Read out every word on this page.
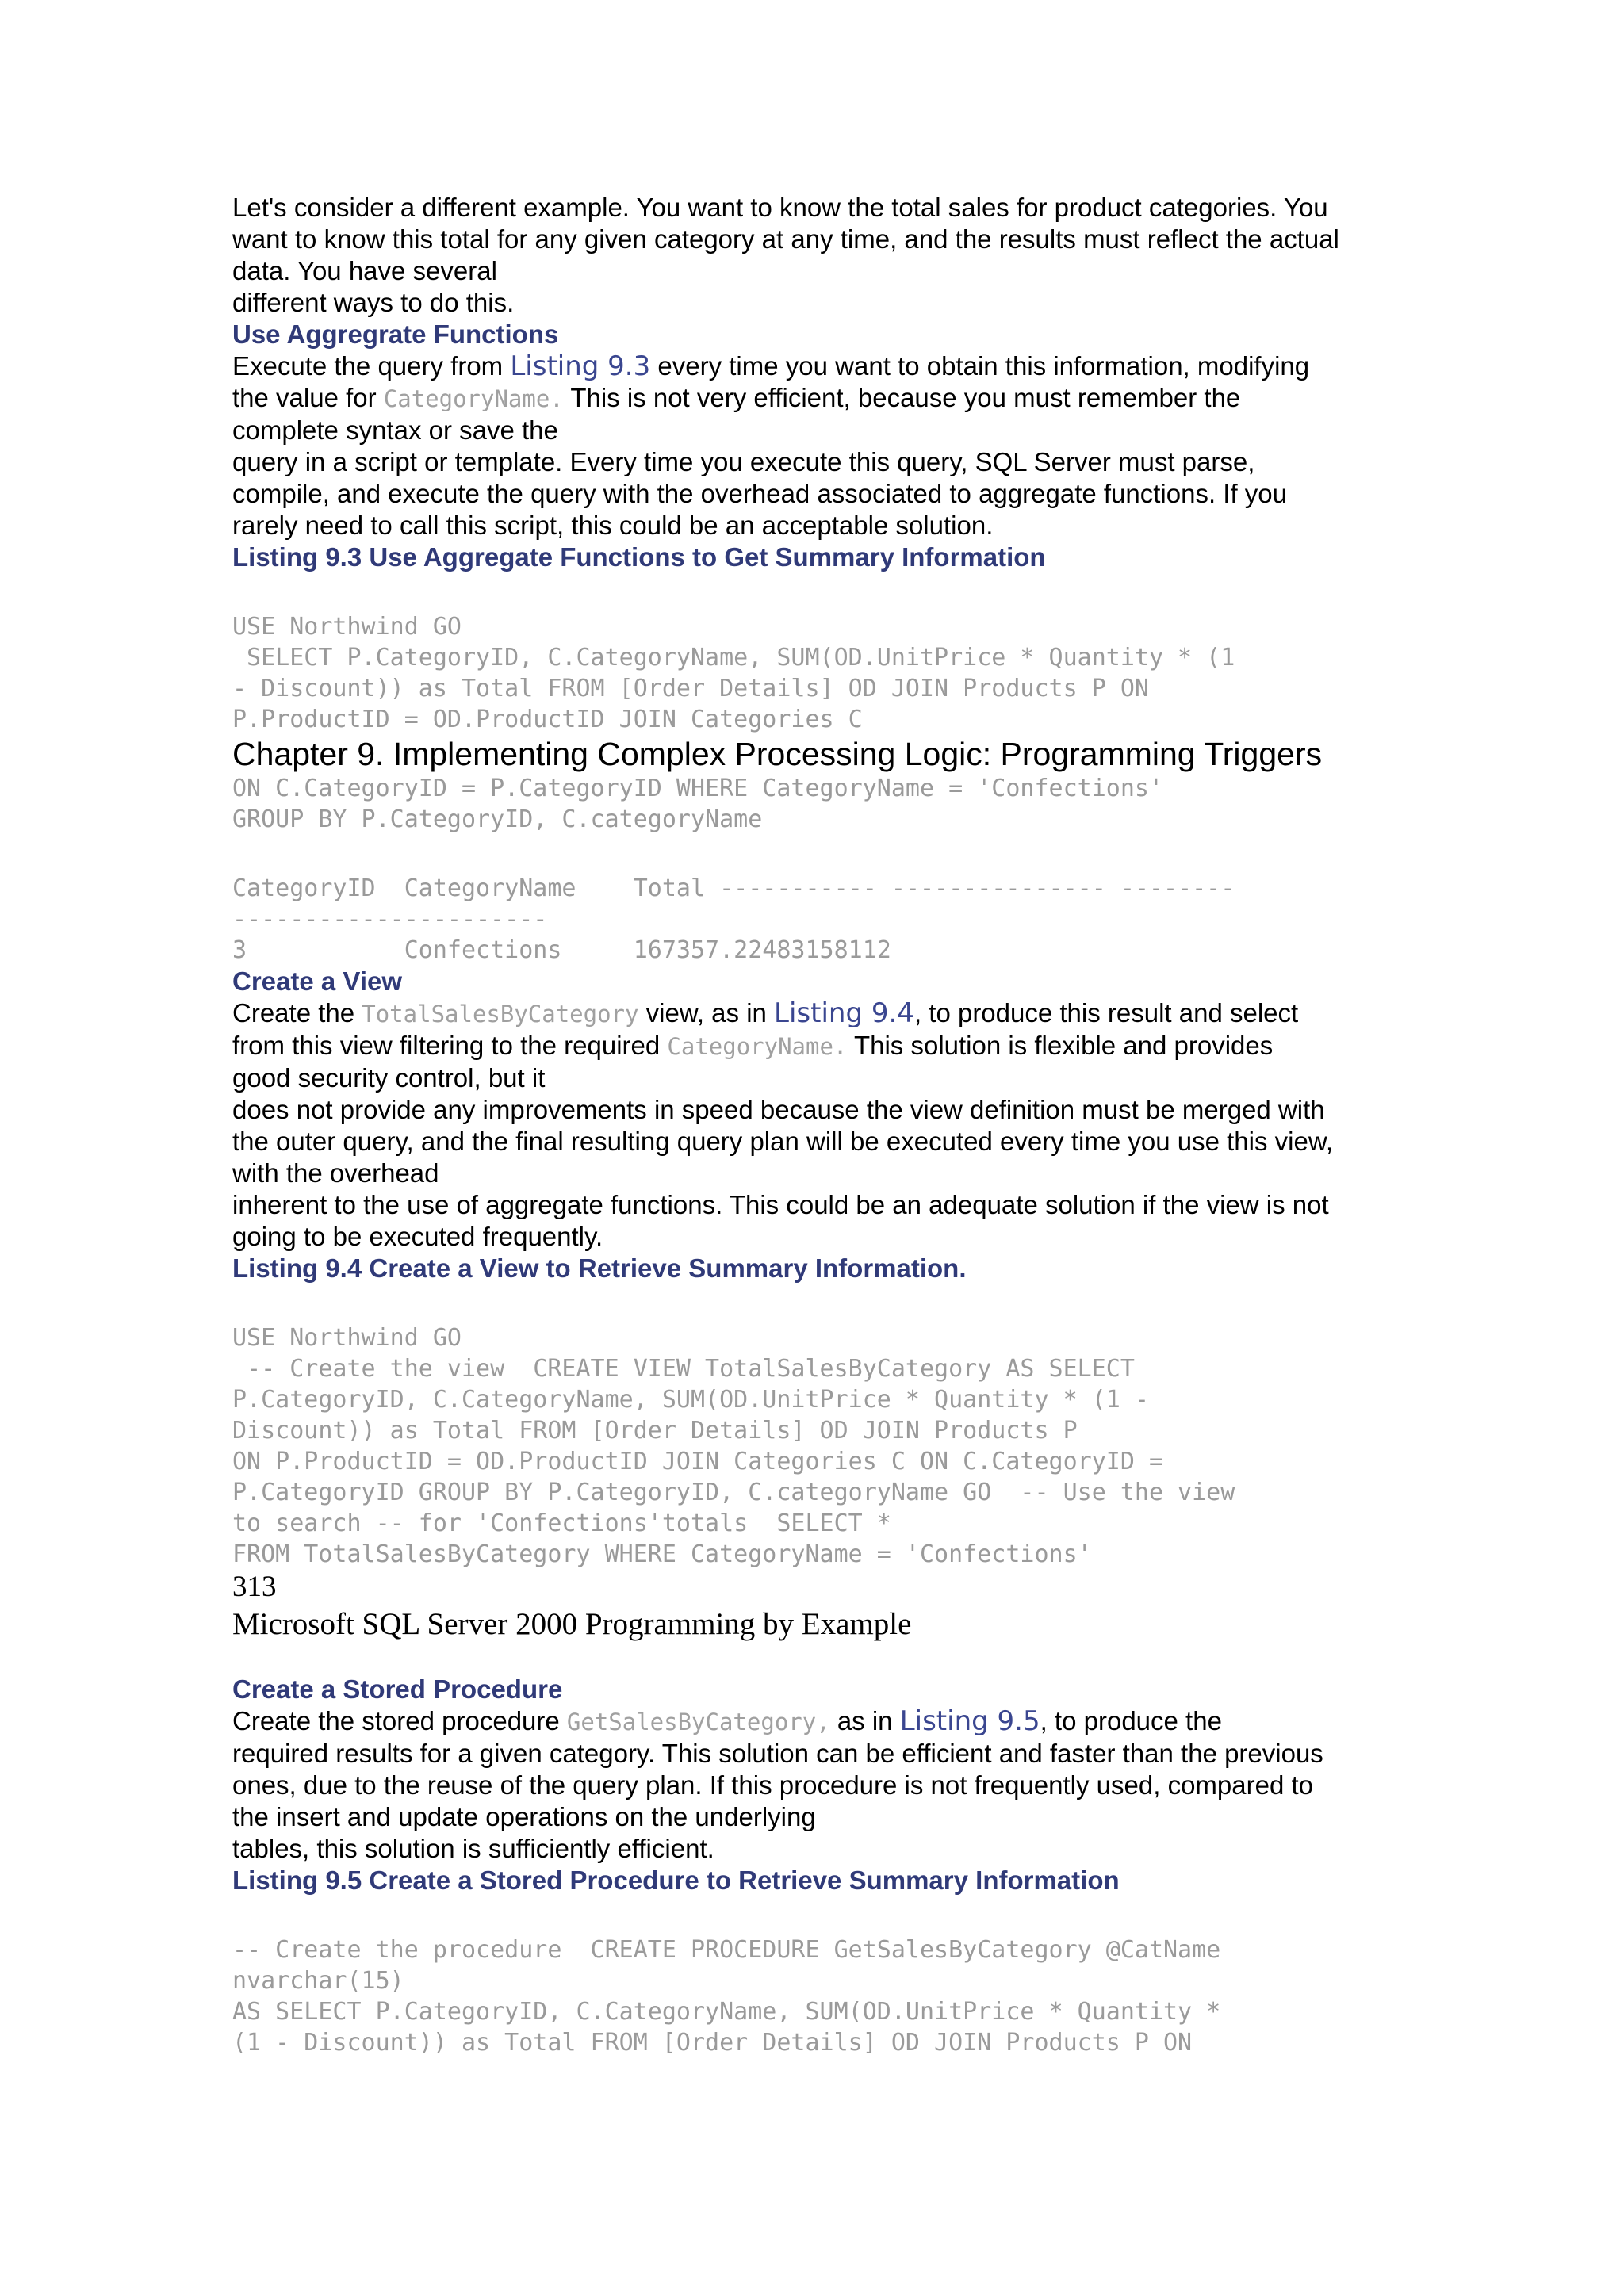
Let's consider a different example. You want to know the total sales for product categories. You

want to know this total for any given category at any time, and the results must reflect the actual

data. You have several

different ways to do this.

Use Aggregrate Functions

Execute the query from Listing 9.3 every time you want to obtain this information, modifying

the value for CategoryName. This is not very efficient, because you must remember the

complete syntax or save the

query in a script or template. Every time you execute this query, SQL Server must parse,

compile, and execute the query with the overhead associated to aggregate functions. If you

rarely need to call this script, this could be an acceptable solution.

Listing 9.3 Use Aggregate Functions to Get Summary Information

USE Northwind GO

SELECT P.CategoryID, C.CategoryName, SUM(OD.UnitPrice * Quantity * (1

- Discount)) as Total FROM [Order Details] OD JOIN Products P ON

P.ProductID = OD.ProductID JOIN Categories C

Chapter 9. Implementing Complex Processing Logic: Programming Triggers

ON C.CategoryID = P.CategoryID WHERE CategoryName = 'Confections'

GROUP BY P.CategoryID, C.categoryName

CategoryID  CategoryName    Total ----------- --------------- --------

----------------------

3           Confections     167357.22483158112

Create a View

Create the TotalSalesByCategory view, as in Listing 9.4, to produce this result and select

from this view filtering to the required CategoryName. This solution is flexible and provides

good security control, but it

does not provide any improvements in speed because the view definition must be merged with

the outer query, and the final resulting query plan will be executed every time you use this view,

with the overhead

inherent to the use of aggregate functions. This could be an adequate solution if the view is not

going to be executed frequently.

Listing 9.4 Create a View to Retrieve Summary Information.

USE Northwind GO

-- Create the view  CREATE VIEW TotalSalesByCategory AS SELECT

P.CategoryID, C.CategoryName, SUM(OD.UnitPrice * Quantity * (1 -

Discount)) as Total FROM [Order Details] OD JOIN Products P

ON P.ProductID = OD.ProductID JOIN Categories C ON C.CategoryID =

P.CategoryID GROUP BY P.CategoryID, C.categoryName GO  -- Use the view

to search -- for 'Confections'totals  SELECT *

FROM TotalSalesByCategory WHERE CategoryName = 'Confections'

313

Microsoft SQL Server 2000 Programming by Example

Create a Stored Procedure

Create the stored procedure GetSalesByCategory, as in Listing 9.5, to produce the

required results for a given category. This solution can be efficient and faster than the previous

ones, due to the reuse of the query plan. If this procedure is not frequently used, compared to

the insert and update operations on the underlying

tables, this solution is sufficiently efficient.

Listing 9.5 Create a Stored Procedure to Retrieve Summary Information

-- Create the procedure  CREATE PROCEDURE GetSalesByCategory @CatName

nvarchar(15)

AS SELECT P.CategoryID, C.CategoryName, SUM(OD.UnitPrice * Quantity *

(1 - Discount)) as Total FROM [Order Details] OD JOIN Products P ON
